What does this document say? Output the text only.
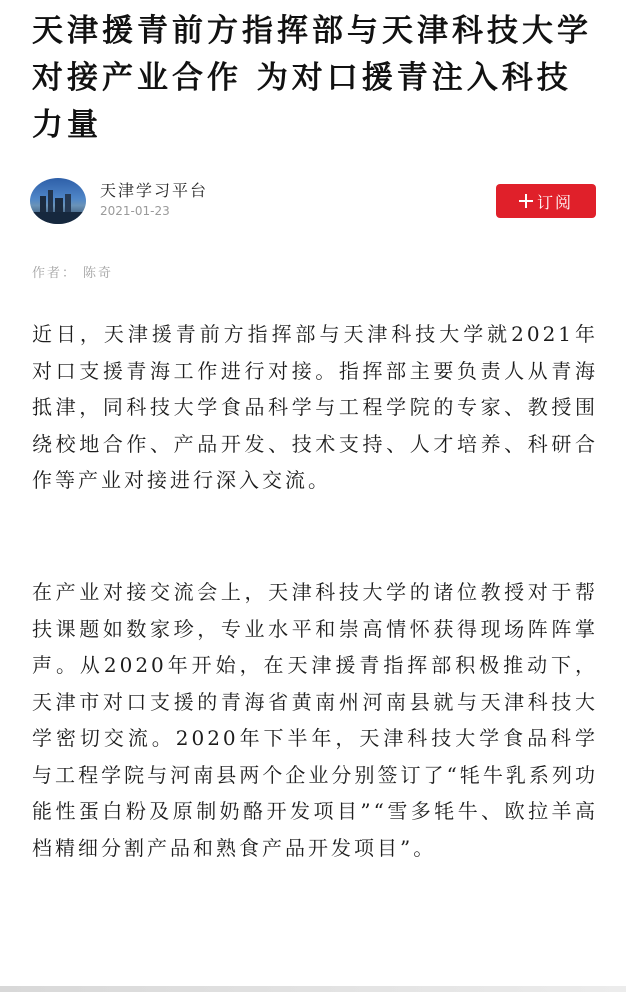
天津援青前方指挥部与天津科技大学对接产业合作 为对口援青注入科技力量
天津学习平台
2021-01-23	订阅
作者： 陈奇

近日，天津援青前方指挥部与天津科技大学就2021年对口支援青海工作进行对接。指挥部主要负责人从青海抵津，同科技大学食品科学与工程学院的专家、教授围绕校地合作、产品开发、技术支持、人才培养、科研合作等产业对接进行深入交流。

在产业对接交流会上，天津科技大学的诸位教授对于帮扶课题如数家珍，专业水平和崇高情怀获得现场阵阵掌声。从2020年开始，在天津援青指挥部积极推动下，天津市对口支援的青海省黄南州河南县就与天津科技大学密切交流。2020年下半年，天津科技大学食品科学与工程学院与河南县两个企业分别签订了“牦牛乳系列功能性蛋白粉及原制奶酪开发项目”“雪多牦牛、欧拉羊高档精细分割产品和熟食产品开发项目”。
